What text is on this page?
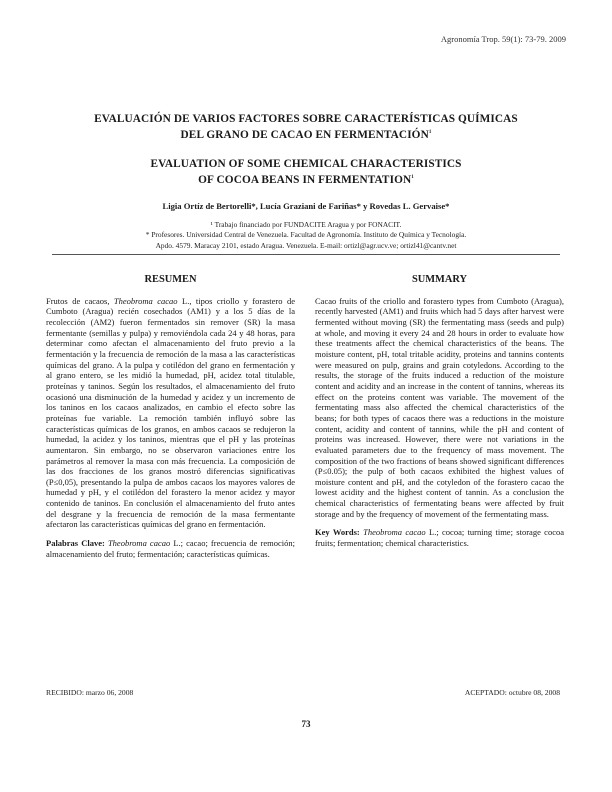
Agronomía Trop. 59(1): 73-79. 2009
EVALUACIÓN DE VARIOS FACTORES SOBRE CARACTERÍSTICAS QUÍMICAS
DEL GRANO DE CACAO EN FERMENTACIÓN$^1$
EVALUATION OF SOME CHEMICAL CHARACTERISTICS
OF COCOA BEANS IN FERMENTATION$^1$
Ligia Ortíz de Bertorelli*, Lucía Graziani de Fariñas* y Rovedas L. Gervaise*
¹ Trabajo financiado por FUNDACITE Aragua y por FONACIT.
* Profesores. Universidad Central de Venezuela. Facultad de Agronomía. Instituto de Química y Tecnología.
Apdo. 4579. Maracay 2101, estado Aragua. Venezuela. E-mail: ortizl@agr.ucv.ve; ortizl41@cantv.net
RESUMEN

Frutos de cacaos, Theobroma cacao L., tipos criollo y forastero de Cumboto (Aragua) recién cosechados (AM1) y a los 5 días de la recolección (AM2) fueron fermentados sin remover (SR) la masa fermentante (semillas y pulpa) y removiéndola cada 24 y 48 horas, para determinar como afectan el almacenamiento del fruto previo a la fermentación y la frecuencia de remoción de la masa a las características químicas del grano. A la pulpa y cotilédon del grano en fermentación y al grano entero, se les midió la humedad, pH, acidez total titulable, proteínas y taninos. Según los resultados, el almacenamiento del fruto ocasionó una disminución de la humedad y acidez y un incremento de los taninos en los cacaos analizados, en cambio el efecto sobre las proteínas fue variable. La remoción también influyó sobre las características químicas de los granos, en ambos cacaos se redujeron la humedad, la acidez y los taninos, mientras que el pH y las proteínas aumentaron. Sin embargo, no se observaron variaciones entre los parámetros al remover la masa con más frecuencia. La composición de las dos fracciones de los granos mostró diferencias significativas (P≤0,05), presentando la pulpa de ambos cacaos los mayores valores de humedad y pH, y el cotilédon del forastero la menor acidez y mayor contenido de taninos. En conclusión el almacenamiento del fruto antes del desgrane y la frecuencia de remoción de la masa fermentante afectaron las características químicas del grano en fermentación.

Palabras Clave: Theobroma cacao L.; cacao; frecuencia de remoción; almacenamiento del fruto; fermentación; características químicas.

SUMMARY

Cacao fruits of the criollo and forastero types from Cumboto (Aragua), recently harvested (AM1) and fruits which had 5 days after harvest were fermented without moving (SR) the fermentating mass (seeds and pulp) at whole, and moving it every 24 and 28 hours in order to evaluate how these treatments affect the chemical characteristics of the beans. The moisture content, pH, total tritable acidity, proteins and tannins contents were measured on pulp, grains and grain cotyledons. According to the results, the storage of the fruits induced a reduction of the moisture content and acidity and an increase in the content of tannins, whereas its effect on the proteins content was variable. The movement of the fermentating mass also affected the chemical characteristics of the beans; for both types of cacaos there was a reductions in the moisture content, acidity and content of tannins, while the pH and content of proteins was increased. However, there were not variations in the evaluated parameters due to the frequency of mass movement. The composition of the two fractions of beans showed significant differences (P≤0.05); the pulp of both cacaos exhibited the highest values of moisture content and pH, and the cotyledon of the forastero cacao the lowest acidity and the highest content of tannin. As a conclusion the chemical characteristics of fermentating beans were affected by fruit storage and by the frequency of movement of the fermentating mass.

Key Words: Theobroma cacao L.; cocoa; turning time; storage cocoa fruits; fermentation; chemical characteristics.

RECIBIDO: marzo 06, 2008	ACEPTADO: octubre 08, 2008
73
